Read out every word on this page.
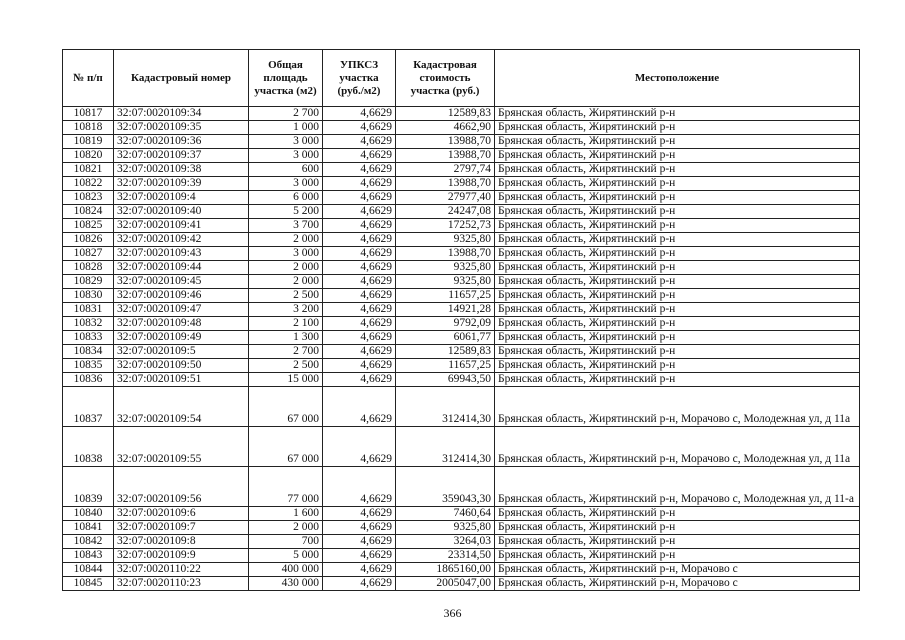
№ п/п	Кадастровый номер	Общая площадь участка (м2)	УПКСЗ участка (руб./м2)	Кадастровая стоимость участка (руб.)	Местоположение
10817	32:07:0020109:34	2 700	4,6629	12589,83	Брянская область, Жирятинский р-н
10818	32:07:0020109:35	1 000	4,6629	4662,90	Брянская область, Жирятинский р-н
10819	32:07:0020109:36	3 000	4,6629	13988,70	Брянская область, Жирятинский р-н
10820	32:07:0020109:37	3 000	4,6629	13988,70	Брянская область, Жирятинский р-н
10821	32:07:0020109:38	600	4,6629	2797,74	Брянская область, Жирятинский р-н
10822	32:07:0020109:39	3 000	4,6629	13988,70	Брянская область, Жирятинский р-н
10823	32:07:0020109:4	6 000	4,6629	27977,40	Брянская область, Жирятинский р-н
10824	32:07:0020109:40	5 200	4,6629	24247,08	Брянская область, Жирятинский р-н
10825	32:07:0020109:41	3 700	4,6629	17252,73	Брянская область, Жирятинский р-н
10826	32:07:0020109:42	2 000	4,6629	9325,80	Брянская область, Жирятинский р-н
10827	32:07:0020109:43	3 000	4,6629	13988,70	Брянская область, Жирятинский р-н
10828	32:07:0020109:44	2 000	4,6629	9325,80	Брянская область, Жирятинский р-н
10829	32:07:0020109:45	2 000	4,6629	9325,80	Брянская область, Жирятинский р-н
10830	32:07:0020109:46	2 500	4,6629	11657,25	Брянская область, Жирятинский р-н
10831	32:07:0020109:47	3 200	4,6629	14921,28	Брянская область, Жирятинский р-н
10832	32:07:0020109:48	2 100	4,6629	9792,09	Брянская область, Жирятинский р-н
10833	32:07:0020109:49	1 300	4,6629	6061,77	Брянская область, Жирятинский р-н
10834	32:07:0020109:5	2 700	4,6629	12589,83	Брянская область, Жирятинский р-н
10835	32:07:0020109:50	2 500	4,6629	11657,25	Брянская область, Жирятинский р-н
10836	32:07:0020109:51	15 000	4,6629	69943,50	Брянская область, Жирятинский р-н
10837	32:07:0020109:54	67 000	4,6629	312414,30	Брянская область, Жирятинский р-н, Морачово с, Молодежная ул, д 11а
10838	32:07:0020109:55	67 000	4,6629	312414,30	Брянская область, Жирятинский р-н, Морачово с, Молодежная ул, д 11а
10839	32:07:0020109:56	77 000	4,6629	359043,30	Брянская область, Жирятинский р-н, Морачово с, Молодежная ул, д 11-а
10840	32:07:0020109:6	1 600	4,6629	7460,64	Брянская область, Жирятинский р-н
10841	32:07:0020109:7	2 000	4,6629	9325,80	Брянская область, Жирятинский р-н
10842	32:07:0020109:8	700	4,6629	3264,03	Брянская область, Жирятинский р-н
10843	32:07:0020109:9	5 000	4,6629	23314,50	Брянская область, Жирятинский р-н
10844	32:07:0020110:22	400 000	4,6629	1865160,00	Брянская область, Жирятинский р-н, Морачово с
10845	32:07:0020110:23	430 000	4,6629	2005047,00	Брянская область, Жирятинский р-н, Морачово с
366
